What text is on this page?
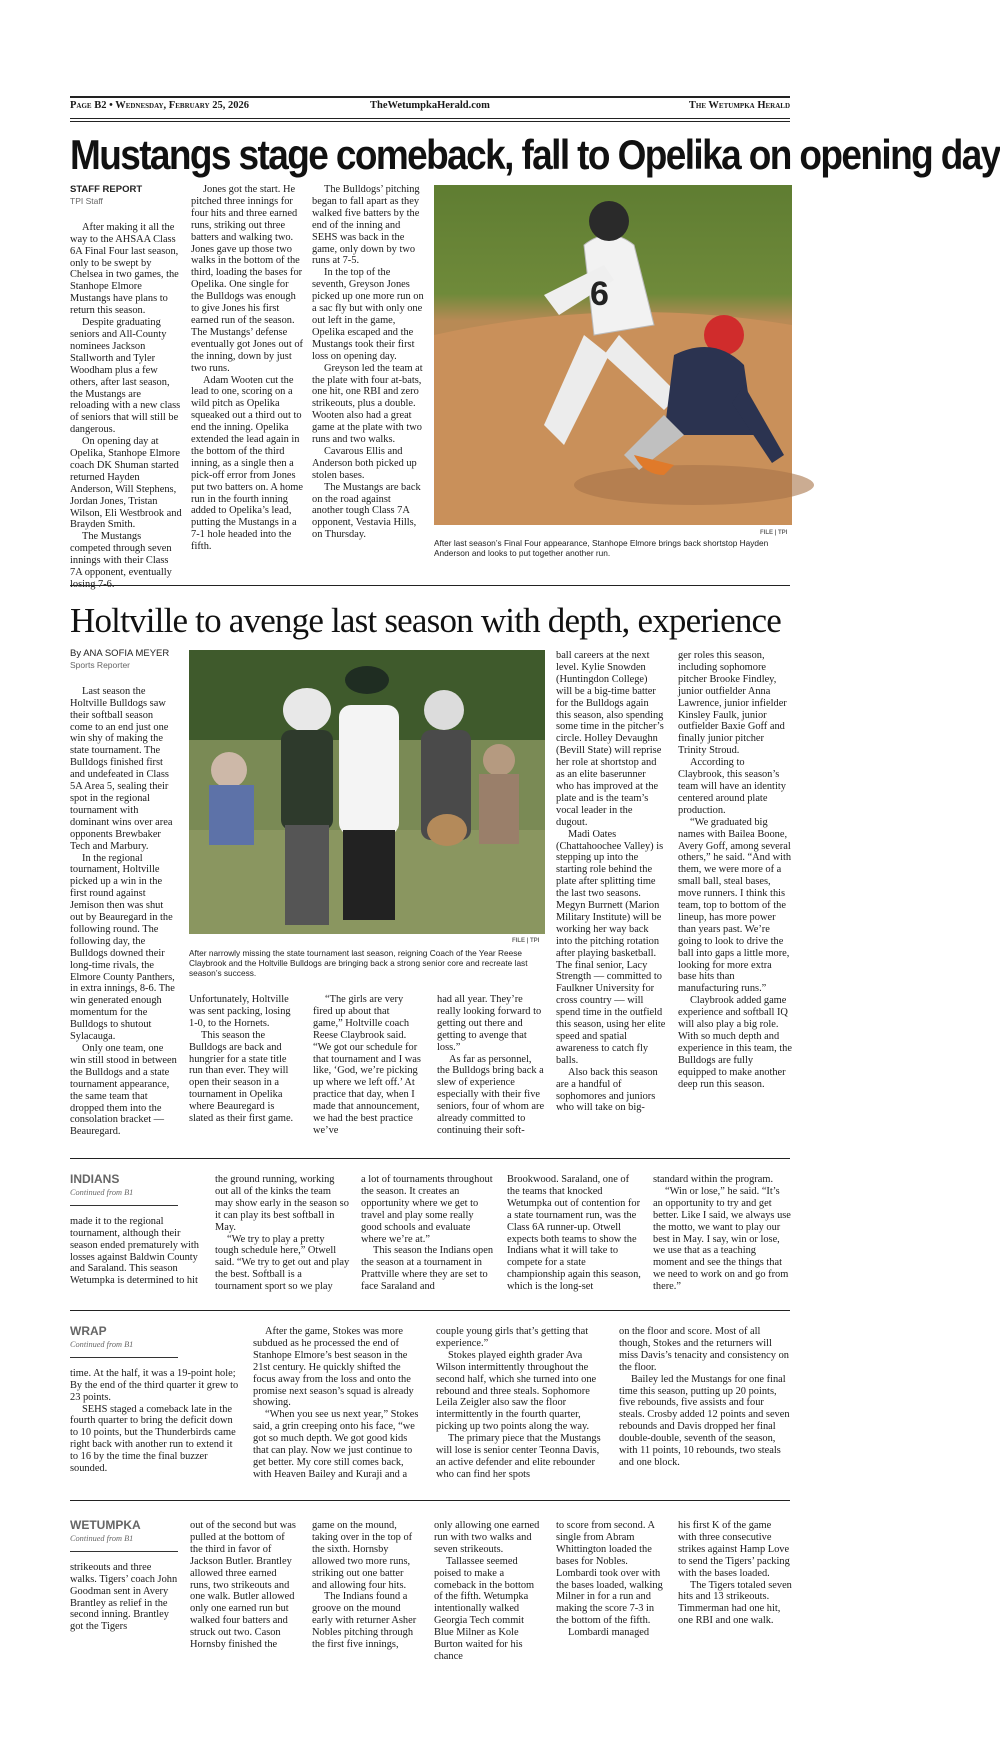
Page B2 • Wednesday, February 25, 2026	TheWetumpkaHerald.com	The Wetumpka Herald
Mustangs stage comeback, fall to Opelika on opening day
STAFF REPORT
TPI Staff

After making it all the way to the AHSAA Class 6A Final Four last season, only to be swept by Chelsea in two games, the Stanhope Elmore Mustangs have plans to return this season.

Despite graduating seniors and All-County nominees Jackson Stallworth and Tyler Woodham plus a few others, after last season, the Mustangs are reloading with a new class of seniors that will still be dangerous.

On opening day at Opelika, Stanhope Elmore coach DK Shuman started returned Hayden Anderson, Will Stephens, Jordan Jones, Tristan Wilson, Eli Westbrook and Brayden Smith.

The Mustangs competed through seven innings with their Class 7A opponent, eventually

Jones got the start. He pitched three innings for four hits and three earned runs, striking out three batters and walking two. Jones gave up those two walks in the bottom of the third, loading the bases for Opelika. One single for the Bulldogs was enough to give Jones his first earned run of the season. The Mustangs’ defense eventually got Jones out of the inning, down by just two runs.

Adam Wooten cut the lead to one, scoring on a wild pitch as Opelika squeaked out a third out to end the inning. Opelika extended the lead again in the bottom of the third inning, as a single then a pick-off error from Jones put two batters on. A home run in the fourth inning added to Opelika’s lead, putting the Mustangs in a 7-1 hole headed into the fifth.

The Bulldogs’ pitching began to fall apart as they walked five batters by the end of the inning and SEHS was back in the game, only down by two runs at 7-5.

In the top of the seventh, Greyson Jones picked up one more run on a sac fly but with only one out left in the game, Opelika escaped and the Mustangs took their first loss on opening day.

Greyson led the team at the plate with four at-bats, one hit, one RBI and zero strikeouts, plus a double. Wooten also had a great game at the plate with two runs and two walks.

Cavarous Ellis and Anderson both picked up stolen bases.

The Mustangs are back on the road against another tough Class 7A opponent, Vestavia Hills, on Thursday.

6
FILE | TPI
After last season’s Final Four appearance, Stanhope Elmore brings back shortstop Hayden Anderson and looks to put together another run.
Holtville to avenge last season with depth, experience
By ANA SOFIA MEYER
Sports Reporter

Last season the Holtville Bulldogs saw their softball season come to an end just one win shy of making the state tournament. The Bulldogs finished first and undefeated in Class 5A Area 5, sealing their spot in the regional tournament with dominant wins over area opponents Brewbaker Tech and Marbury.

In the regional tournament, Holtville picked up a win in the first round against Jemison then was shut out by Beauregard in the following round. The following day, the Bulldogs downed their long-time rivals, the Elmore County Panthers, in extra innings, 8-6. The win generated enough momentum for the Bulldogs to shutout Sylacauga.

Only one team, one win still stood in between the Bulldogs and a state tournament appearance, the same team that dropped them into the consolation bracket — Beauregard.

FILE | TPI
After narrowly missing the state tournament last season, reigning Coach of the Year Reese Claybrook and the Holtville Bulldogs are bringing back a strong senior core and recreate last season’s success.

Unfortunately, Holtville was sent packing, losing 1-0, to the Hornets.

This season the Bulldogs are back and hungrier for a state title run than ever. They will open their season in a tournament in Opelika where Beauregard is slated as their first game.

“The girls are very fired up about that game,” Holtville coach Reese Claybrook said. “We got our schedule for that tournament and I was like, ‘God, we’re picking up where we left off.’ At practice that day, when I made that announcement, we had the best practice we’ve

had all year. They’re really looking forward to getting out there and getting to avenge that loss.”

As far as personnel, the Bulldogs bring back a slew of experience especially with their five seniors, four of whom are already committed to continuing their soft-

ball careers at the next level. Kylie Snowden (Huntingdon College) will be a big-time batter for the Bulldogs again this season, also spending some time in the pitcher’s circle. Holley Devaughn (Bevill State) will reprise her role at shortstop and as an elite baserunner who has improved at the plate and is the team’s vocal leader in the dugout.

Madi Oates (Chattahoochee Valley) is stepping up into the starting role behind the plate after splitting time the last two seasons. Megyn Burrnett (Marion Military Institute) will be working her way back into the pitching rotation after playing basketball. The final senior, Lacy Strength — committed to Faulkner University for cross country — will spend time in the outfield this season, using her elite speed and spatial awareness to catch fly balls.

Also back this season are a handful of sophomores and juniors who will take on big-

ger roles this season, including sophomore pitcher Brooke Findley, junior outfielder Anna Lawrence, junior infielder Kinsley Faulk, junior outfielder Baxie Goff and finally junior pitcher Trinity Stroud.

According to Claybrook, this season’s team will have an identity centered around plate production.

“We graduated big names with Bailea Boone, Avery Goff, among several others,” he said. “And with them, we were more of a small ball, steal bases, move runners. I think this team, top to bottom of the lineup, has more power than years past. We’re going to look to drive the ball into gaps a little more, looking for more extra base hits than manufacturing runs.”

Claybrook added game experience and softball IQ will also play a big role. With so much depth and experience in this team, the Bulldogs are fully equipped to make another deep run this season.

INDIANS
Continued from B1

made it to the regional tournament, although their season ended prematurely with losses against Baldwin County and Saraland. This season Wetumpka is determined to hit

the ground running, working out all of the kinks the team may show early in the season so it can play its best softball in May.

“We try to play a pretty tough schedule here,” Otwell said. “We try to get out and play the best. Softball is a tournament sport so we play

a lot of tournaments throughout the season. It creates an opportunity where we get to travel and play some really good schools and evaluate where we’re at.”

This season the Indians open the season at a tournament in Prattville where they are set to face Saraland and

Brookwood. Saraland, one of the teams that knocked Wetumpka out of contention for a state tournament run, was the Class 6A runner-up. Otwell expects both teams to show the Indians what it will take to compete for a state championship again this season, which is the long-set

standard within the program.

“Win or lose,” he said. “It’s an opportunity to try and get better. Like I said, we always use the motto, we want to play our best in May. I say, win or lose, we use that as a teaching moment and see the things that we need to work on and go from there.”

WRAP
Continued from B1

time. At the half, it was a 19-point hole; By the end of the third quarter it grew to 23 points.

SEHS staged a comeback late in the fourth quarter to bring the deficit down to 10 points, but the Thunderbirds came right back with another run to extend it to 16 by the time the final buzzer sounded.

After the game, Stokes was more subdued as he processed the end of Stanhope Elmore’s best season in the 21st century. He quickly shifted the focus away from the loss and onto the promise next season’s squad is already showing.

“When you see us next year,” Stokes said, a grin creeping onto his face, “we got so much depth. We got good kids that can play. Now we just continue to get better. My core still comes back, with Heaven Bailey and Kuraji and a

couple young girls that’s getting that experience.”

Stokes played eighth grader Ava Wilson intermittently throughout the second half, which she turned into one rebound and three steals. Sophomore Leila Zeigler also saw the floor intermittently in the fourth quarter, picking up two points along the way.

The primary piece that the Mustangs will lose is senior center Teonna Davis, an active defender and elite rebounder who can find her spots

on the floor and score. Most of all though, Stokes and the returners will miss Davis’s tenacity and consistency on the floor.

Bailey led the Mustangs for one final time this season, putting up 20 points, five rebounds, five assists and four steals. Crosby added 12 points and seven rebounds and Davis dropped her final double-double, seventh of the season, with 11 points, 10 rebounds, two steals and one block.

WETUMPKA
Continued from B1

strikeouts and three walks. Tigers’ coach John Goodman sent in Avery Brantley as relief in the second inning. Brantley got the Tigers

out of the second but was pulled at the bottom of the third in favor of Jackson Butler. Brantley allowed three earned runs, two strikeouts and one walk. Butler allowed only one earned run but walked four batters and struck out two. Cason Hornsby finished the

game on the mound, taking over in the top of the sixth. Hornsby allowed two more runs, striking out one batter and allowing four hits.

The Indians found a groove on the mound early with returner Asher Nobles pitching through the first five innings,

only allowing one earned run with two walks and seven strikeouts.

Tallassee seemed poised to make a comeback in the bottom of the fifth. Wetumpka intentionally walked Georgia Tech commit Blue Milner as Kole Burton waited for his chance

to score from second. A single from Abram Whittington loaded the bases for Nobles. Lombardi took over with the bases loaded, walking Milner in for a run and making the score 7-3 in the bottom of the fifth.

Lombardi managed

his first K of the game with three consecutive strikes against Hamp Love to send the Tigers’ packing with the bases loaded.

The Tigers totaled seven hits and 13 strikeouts. Timmerman had one hit, one RBI and one walk.
